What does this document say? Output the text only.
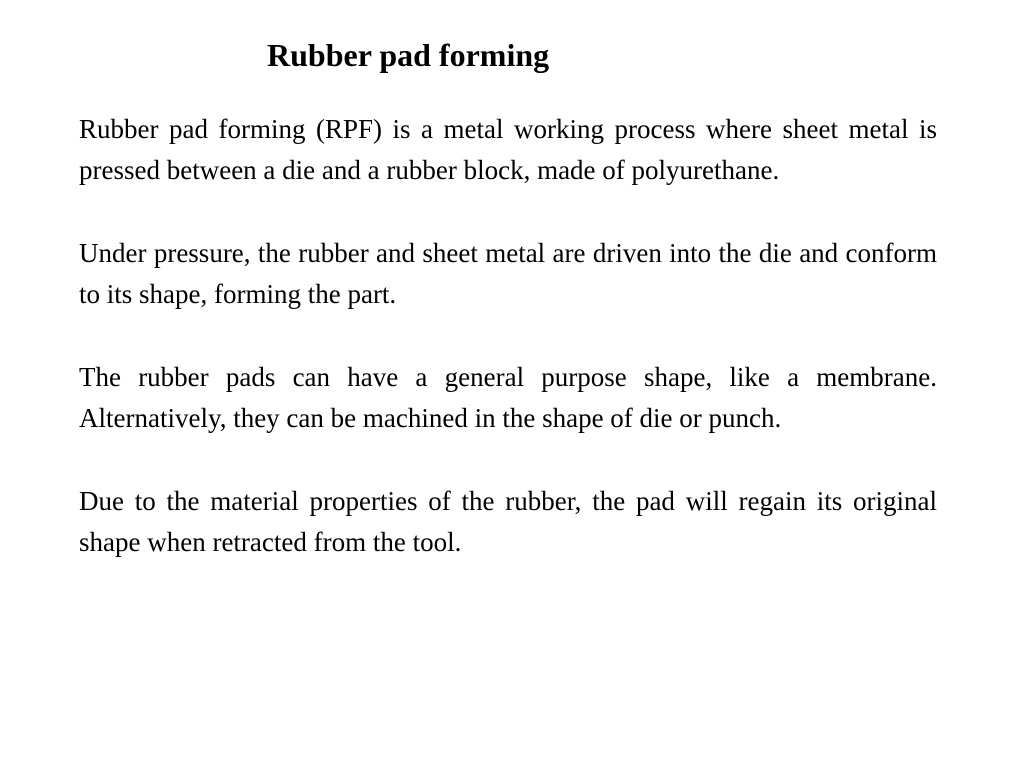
Rubber pad forming

Rubber pad forming (RPF) is a metal working process where sheet metal is pressed between a die and a rubber block, made of polyurethane.

Under pressure, the rubber and sheet metal are driven into the die and conform to its shape, forming the part.

The rubber pads can have a general purpose shape, like a membrane. Alternatively, they can be machined in the shape of die or punch.

Due to the material properties of the rubber, the pad will regain its original shape when retracted from the tool.
